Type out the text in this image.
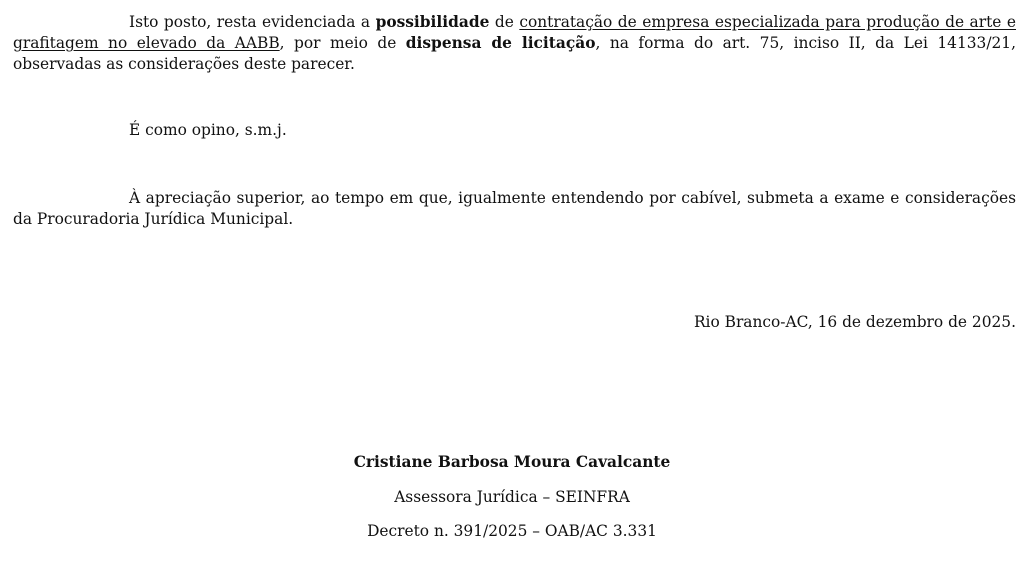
Isto posto, resta evidenciada a possibilidade de contratação de empresa especializada para produção de arte e grafitagem no elevado da AABB, por meio de dispensa de licitação, na forma do art. 75, inciso II, da Lei 14133/21, observadas as considerações deste parecer.

É como opino, s.m.j.

À apreciação superior, ao tempo em que, igualmente entendendo por cabível, submeta a exame e considerações da Procuradoria Jurídica Municipal.

Rio Branco-AC, 16 de dezembro de 2025.

Cristiane Barbosa Moura Cavalcante

Assessora Jurídica – SEINFRA

Decreto n. 391/2025 – OAB/AC 3.331
